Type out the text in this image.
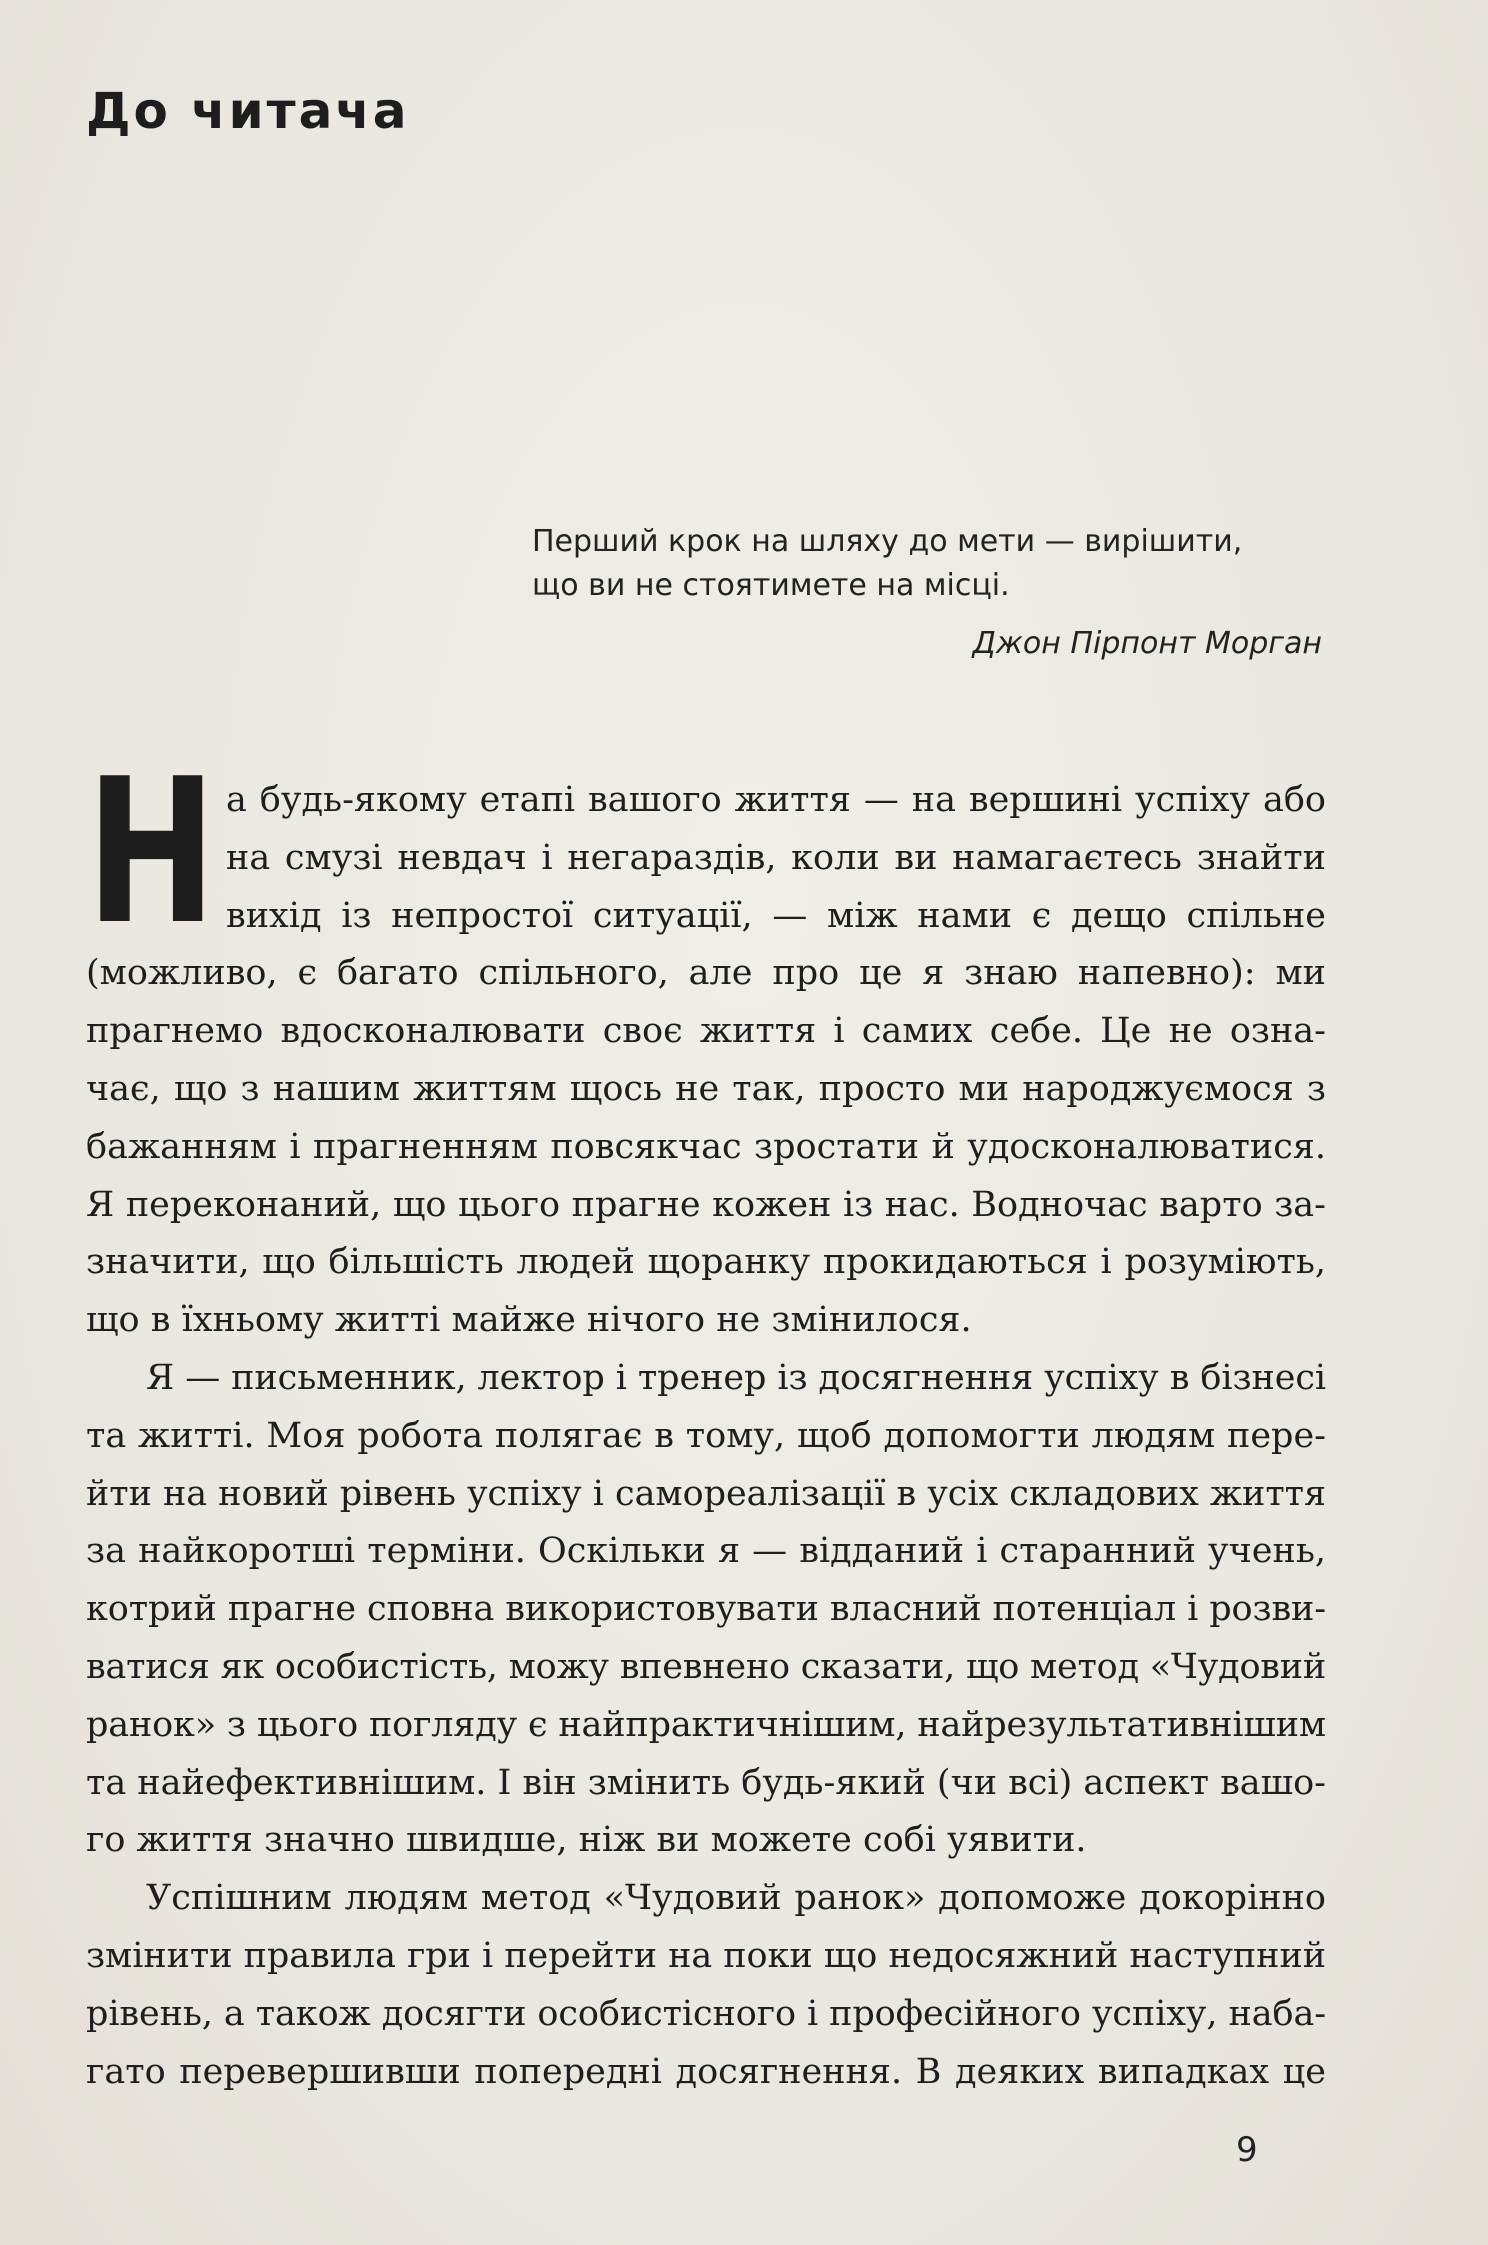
До читача
Перший крок на шляху до мети — вирішити,
що ви не стоятимете на місці.
Джон Пірпонт Морган
Н а будь-якому етапі вашого життя — на вершині успіху або
на смузі невдач і негараздів, коли ви намагаєтесь знайти
вихід із непростої ситуації, — між нами є дещо спільне
(можливо, є багато спільного, але про це я знаю напевно): ми
прагнемо вдосконалювати своє життя і самих себе. Це не озна-
чає, що з нашим життям щось не так, просто ми народжуємося з
бажанням і прагненням повсякчас зростати й удосконалюватися.
Я переконаний, що цього прагне кожен із нас. Водночас варто за-
значити, що більшість людей щоранку прокидаються і розуміють,
що в їхньому житті майже нічого не змінилося.
Я — письменник, лектор і тренер із досягнення успіху в бізнесі
та житті. Моя робота полягає в тому, щоб допомогти людям пере-
йти на новий рівень успіху і самореалізації в усіх складових життя
за найкоротші терміни. Оскільки я — відданий і старанний учень,
котрий прагне сповна використовувати власний потенціал і розви-
ватися як особистість, можу впевнено сказати, що метод «Чудовий
ранок» з цього погляду є найпрактичнішим, найрезультативнішим
та найефективнішим. І він змінить будь-який (чи всі) аспект вашо-
го життя значно швидше, ніж ви можете собі уявити.
Успішним людям метод «Чудовий ранок» допоможе докорінно
змінити правила гри і перейти на поки що недосяжний наступний
рівень, а також досягти особистісного і професійного успіху, наба-
гато перевершивши попередні досягнення. В деяких випадках це
9
